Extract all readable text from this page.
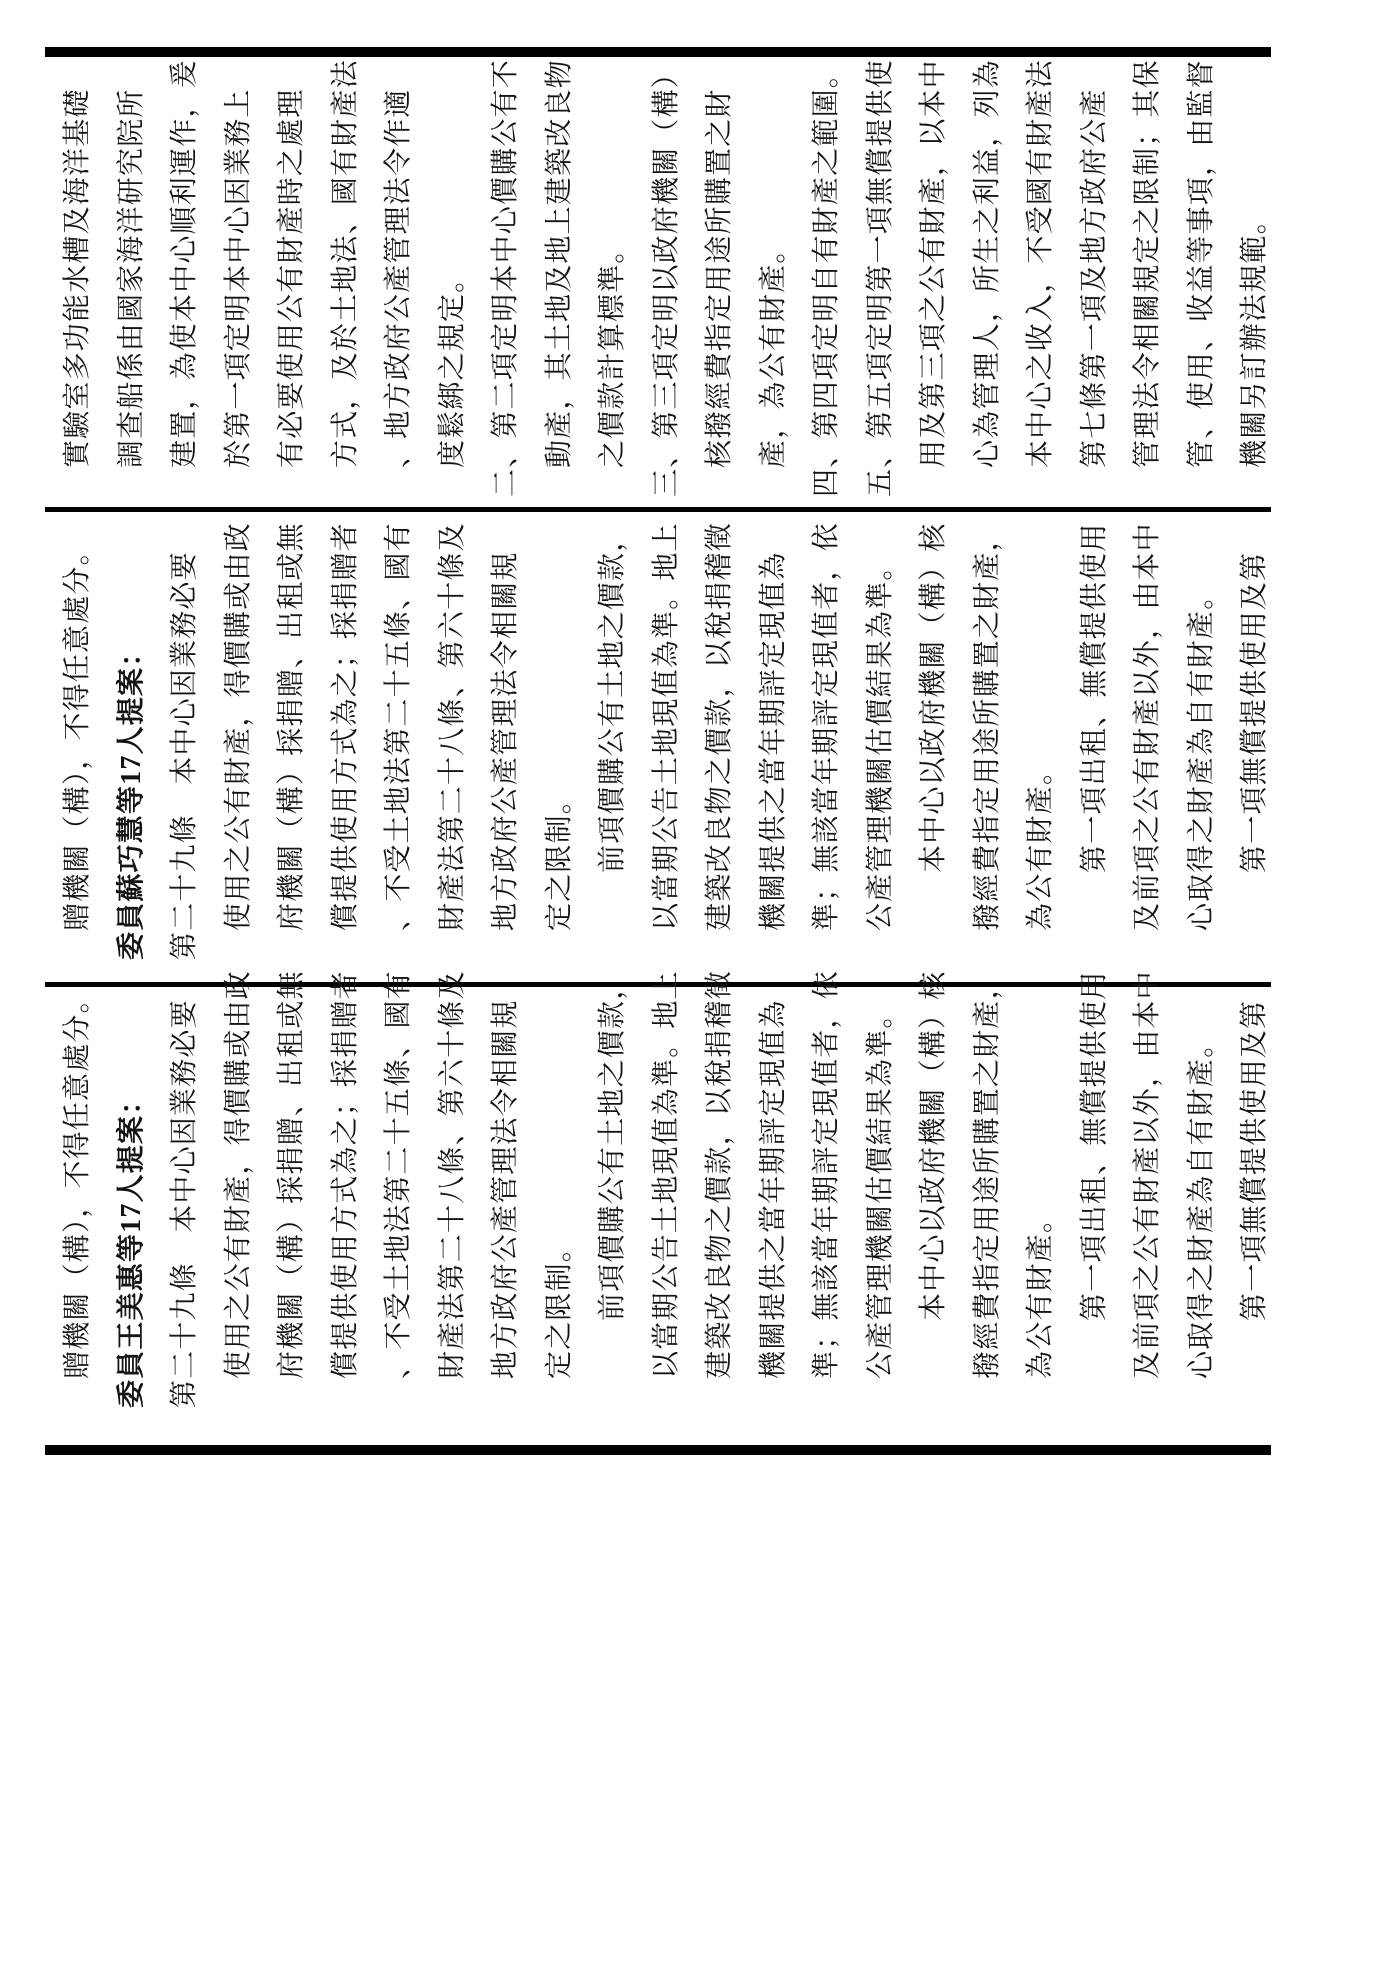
實驗室多功能水槽及海洋基礎 調查船係由國家海洋研究院所 建置，為使本中心順利運作，爰 於第一項定明本中心因業務上 有必要使用公有財產時之處理 方式，及於土地法、國有財產法 、地方政府公產管理法令作適 度鬆綁之規定。 二、第二項定明本中心價購公有不 動產，其土地及地上建築改良物 之價款計算標準。 三、第三項定明以政府機關（構） 核撥經費指定用途所購置之財 產，為公有財產。 四、第四項定明自有財產之範圍。 五、第五項定明第一項無償提供使 用及第三項之公有財產，以本中 心為管理人，所生之利益，列為 本中心之收入，不受國有財產法 第七條第一項及地方政府公產 管理法令相關規定之限制；其保 管、使用、收益等事項，由監督 機關另訂辦法規範。
贈機關（構），不得任意處分。 委員蘇巧慧等17人提案： 第二十九條　本中心因業務必要 使用之公有財產，得價購或由政 府機關（構）採捐贈、出租或無 償提供使用方式為之；採捐贈者 、不受土地法第二十五條、國有 財產法第二十八條、第六十條及 地方政府公產管理法令相關規 定之限制。 前項價購公有土地之價款， 以當期公告土地現值為準。地上 建築改良物之價款，以稅捐稽徵 機關提供之當年期評定現值為 準；無該當年期評定現值者，依 公產管理機關估價結果為準。 本中心以政府機關（構）核 撥經費指定用途所購置之財產， 為公有財產。 第一項出租、無償提供使用 及前項之公有財產以外，由本中 心取得之財產為自有財產。 第一項無償提供使用及第
贈機關（構），不得任意處分。 委員王美惠等17人提案： 第二十九條　本中心因業務必要 使用之公有財產，得價購或由政 府機關（構）採捐贈、出租或無 償提供使用方式為之；採捐贈者 、不受土地法第二十五條、國有 財產法第二十八條、第六十條及 地方政府公產管理法令相關規 定之限制。 前項價購公有土地之價款， 以當期公告土地現值為準。地上 建築改良物之價款，以稅捐稽徵 機關提供之當年期評定現值為 準；無該當年期評定現值者，依 公產管理機關估價結果為準。 本中心以政府機關（構）核 撥經費指定用途所購置之財產， 為公有財產。 第一項出租、無償提供使用 及前項之公有財產以外，由本中 心取得之財產為自有財產。 第一項無償提供使用及第
